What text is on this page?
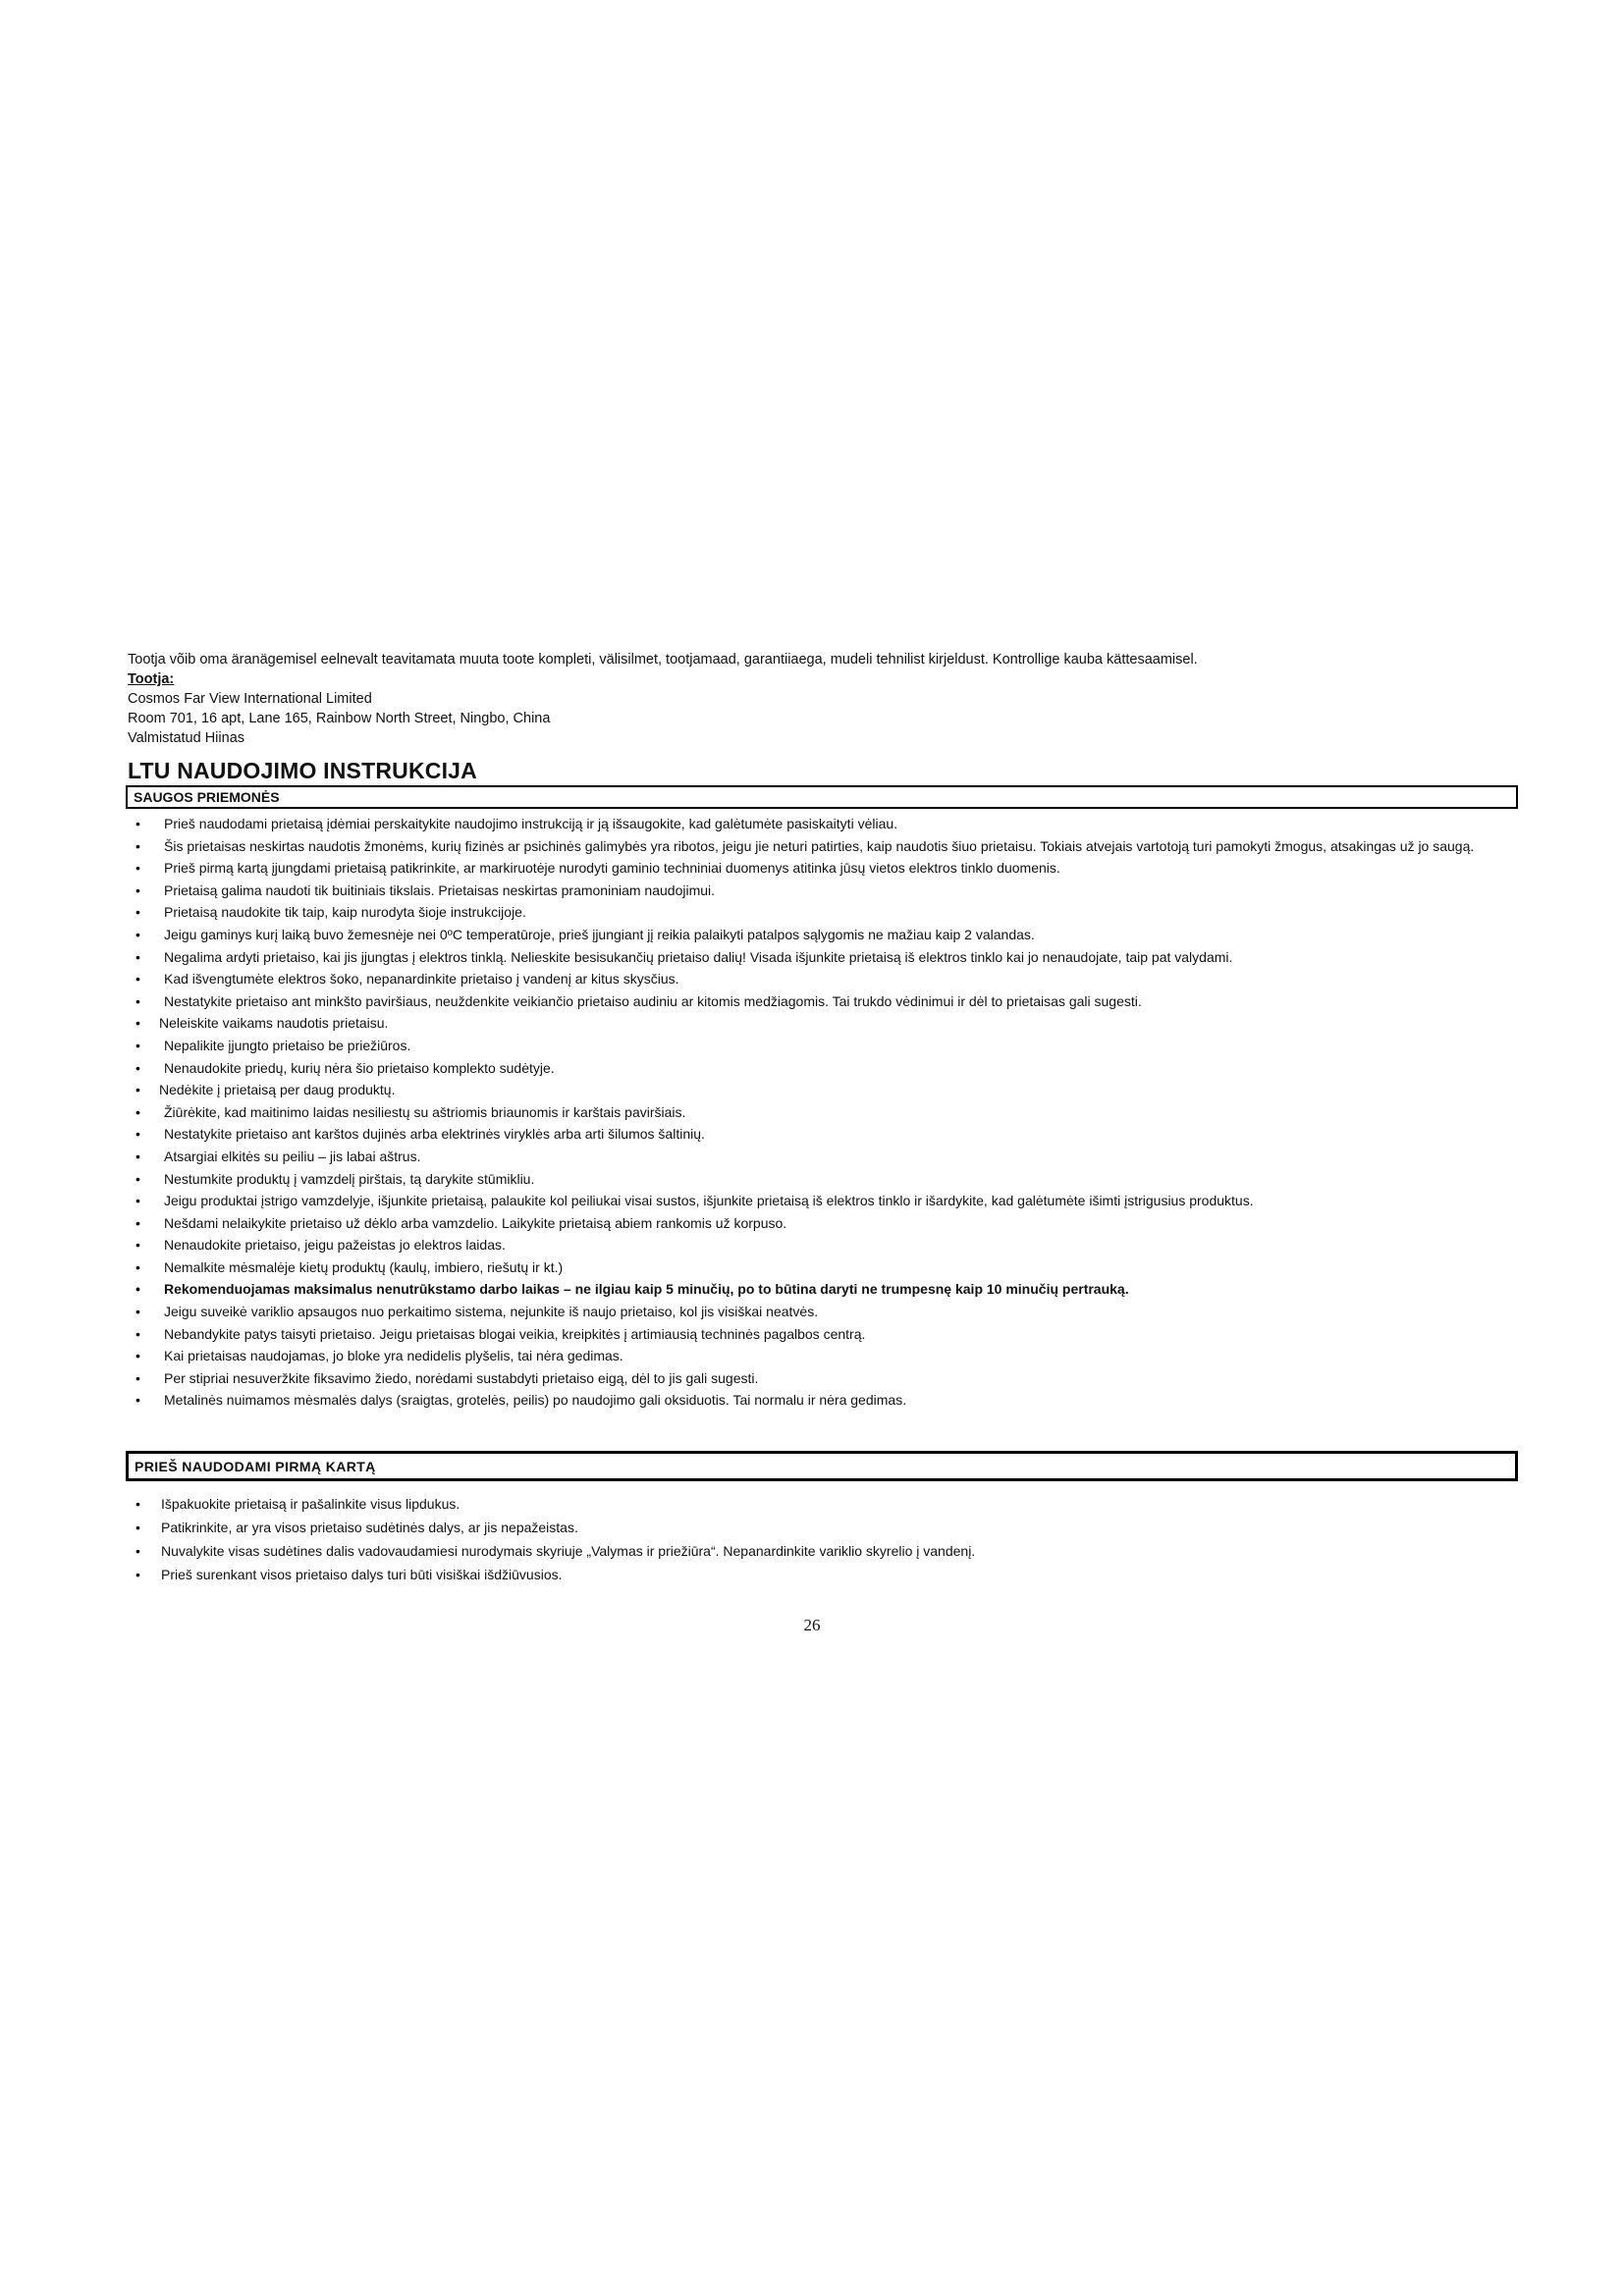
Tootja võib oma äranägemisel eelnevalt teavitamata muuta toote kompleti, välisilmet, tootjamaad, garantiiaega, mudeli tehnilist kirjeldust. Kontrollige kauba kättesaamisel.

Tootja:

Cosmos Far View International Limited

Room 701, 16 apt, Lane 165, Rainbow North Street, Ningbo, China

Valmistatud Hiinas

LTU NAUDOJIMO INSTRUKCIJA
SAUGOS PRIEMONĖS
• Prieš naudodami prietaisą įdėmiai perskaitykite naudojimo instrukciją ir ją išsaugokite, kad galėtumėte pasiskaityti vėliau.
• Šis prietaisas neskirtas naudotis žmonėms, kurių fizinės ar psichinės galimybės yra ribotos, jeigu jie neturi patirties, kaip naudotis šiuo prietaisu. Tokiais atvejais vartotoją turi pamokyti žmogus, atsakingas už jo saugą.
• Prieš pirmą kartą įjungdami prietaisą patikrinkite, ar markiruotėje nurodyti gaminio techniniai duomenys atitinka jūsų vietos elektros tinklo duomenis.
• Prietaisą galima naudoti tik buitiniais tikslais. Prietaisas neskirtas pramoniniam naudojimui.
• Prietaisą naudokite tik taip, kaip nurodyta šioje instrukcijoje.
• Jeigu gaminys kurį laiką buvo žemesnėje nei 0ºC temperatūroje, prieš įjungiant jį reikia palaikyti patalpos sąlygomis ne mažiau kaip 2 valandas.
• Negalima ardyti prietaiso, kai jis įjungtas į elektros tinklą. Nelieskite besisukančių prietaiso dalių! Visada išjunkite prietaisą iš elektros tinklo kai jo nenaudojate, taip pat valydami.
• Kad išvengtumėte elektros šoko, nepanardinkite prietaiso į vandenį ar kitus skysčius.
• Nestatykite prietaiso ant minkšto paviršiaus, neuždenkite veikiančio prietaiso audiniu ar kitomis medžiagomis. Tai trukdo vėdinimui ir dėl to prietaisas gali sugesti.
• Neleiskite vaikams naudotis prietaisu.
• Nepalikite įjungto prietaiso be priežiūros.
• Nenaudokite priedų, kurių nėra šio prietaiso komplekto sudėtyje.
• Nedėkite į prietaisą per daug produktų.
• Žiūrėkite, kad maitinimo laidas nesiliestų su aštriomis briaunomis ir karštais paviršiais.
• Nestatykite prietaiso ant karštos dujinės arba elektrinės viryklės arba arti šilumos šaltinių.
• Atsargiai elkitės su peiliu – jis labai aštrus.
• Nestumkite produktų į vamzdelį pirštais, tą darykite stūmikliu.
• Jeigu produktai įstrigo vamzdelyje, išjunkite prietaisą, palaukite kol peiliukai visai sustos, išjunkite prietaisą iš elektros tinklo ir išardykite, kad galėtumėte išimti įstrigusius produktus.
• Nešdami nelaikykite prietaiso už dėklo arba vamzdelio. Laikykite prietaisą abiem rankomis už korpuso.
• Nenaudokite prietaiso, jeigu pažeistas jo elektros laidas.
• Nemalkite mėsmalėje kietų produktų (kaulų, imbiero, riešutų ir kt.)
• Rekomenduojamas maksimalus nenutrūkstamo darbo laikas – ne ilgiau kaip 5 minučių, po to būtina daryti ne trumpesnę kaip 10 minučių pertrauką.
• Jeigu suveikė variklio apsaugos nuo perkaitimo sistema, nejunkite iš naujo prietaiso, kol jis visiškai neatvės.
• Nebandykite patys taisyti prietaiso. Jeigu prietaisas blogai veikia, kreipkitės į artimiausią techninės pagalbos centrą.
• Kai prietaisas naudojamas, jo bloke yra nedidelis plyšelis, tai nėra gedimas.
• Per stipriai nesuveržkite fiksavimo žiedo, norėdami sustabdyti prietaiso eigą, dėl to jis gali sugesti.
• Metalinės nuimamos mėsmalės dalys (sraigtas, grotelės, peilis) po naudojimo gali oksiduotis. Tai normalu ir nėra gedimas.
PRIEŠ NAUDODAMI PIRMĄ KARTĄ
• Išpakuokite prietaisą ir pašalinkite visus lipdukus.
• Patikrinkite, ar yra visos prietaiso sudėtinės dalys, ar jis nepažeistas.
• Nuvalykite visas sudėtines dalis vadovaudamiesi nurodymais skyriuje „Valymas ir priežiūra“. Nepanardinkite variklio skyrelio į vandenį.
• Prieš surenkant visos prietaiso dalys turi būti visiškai išdžiūvusios.
26
